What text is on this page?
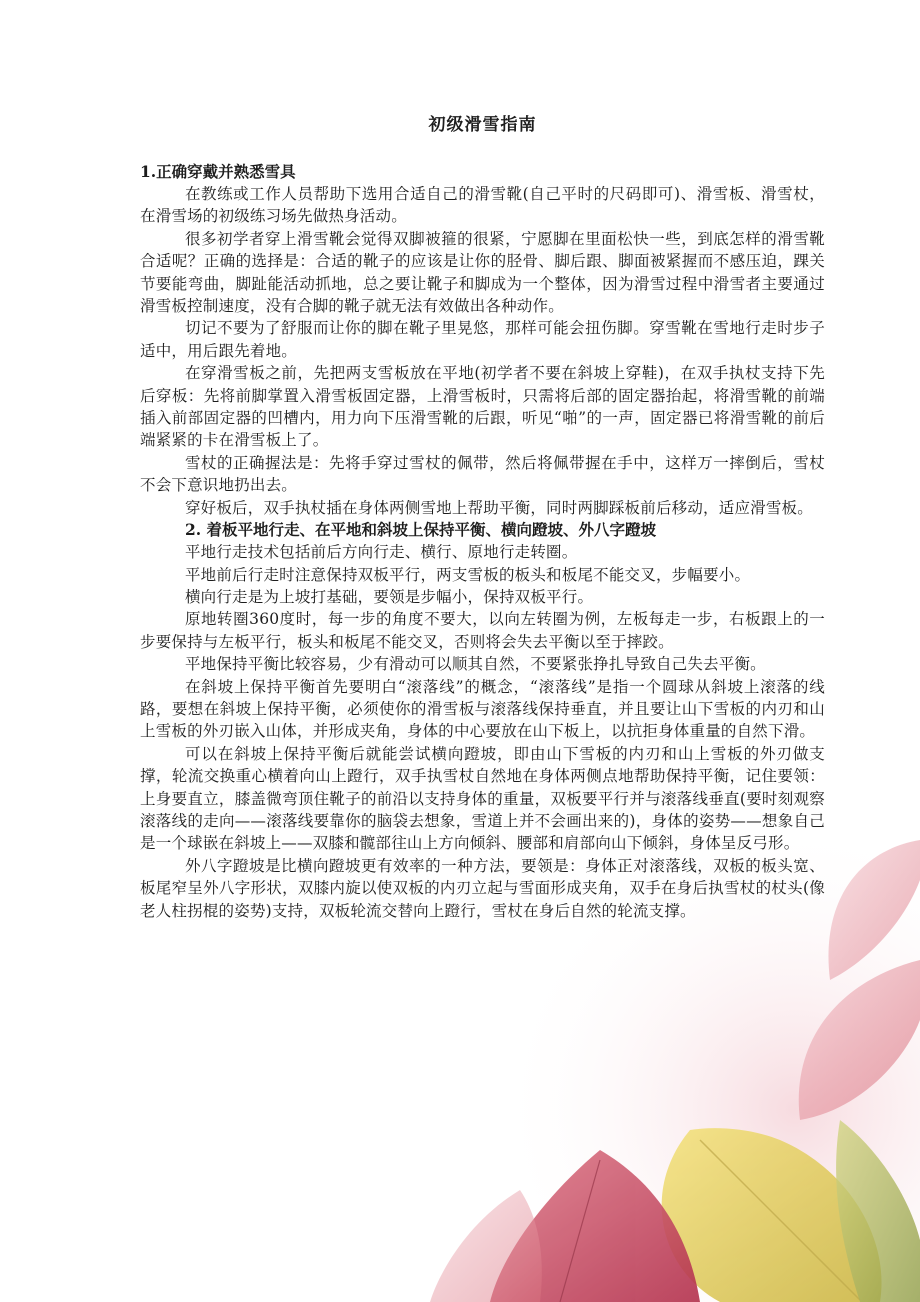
初级滑雪指南
1.正确穿戴并熟悉雪具

在教练或工作人员帮助下选用合适自己的滑雪靴(自己平时的尺码即可)、滑雪板、滑雪杖，在滑雪场的初级练习场先做热身活动。

很多初学者穿上滑雪靴会觉得双脚被箍的很紧，宁愿脚在里面松快一些，到底怎样的滑雪靴合适呢？正确的选择是：合适的靴子的应该是让你的胫骨、脚后跟、脚面被紧握而不感压迫，踝关节要能弯曲，脚趾能活动抓地，总之要让靴子和脚成为一个整体，因为滑雪过程中滑雪者主要通过滑雪板控制速度，没有合脚的靴子就无法有效做出各种动作。

切记不要为了舒服而让你的脚在靴子里晃悠，那样可能会扭伤脚。穿雪靴在雪地行走时步子适中，用后跟先着地。

在穿滑雪板之前，先把两支雪板放在平地(初学者不要在斜坡上穿鞋)，在双手执杖支持下先后穿板：先将前脚掌置入滑雪板固定器，上滑雪板时，只需将后部的固定器抬起，将滑雪靴的前端插入前部固定器的凹槽内，用力向下压滑雪靴的后跟，听见“啪”的一声，固定器已将滑雪靴的前后端紧紧的卡在滑雪板上了。

雪杖的正确握法是：先将手穿过雪杖的佩带，然后将佩带握在手中，这样万一摔倒后，雪杖不会下意识地扔出去。

穿好板后，双手执杖插在身体两侧雪地上帮助平衡，同时两脚踩板前后移动，适应滑雪板。

2. 着板平地行走、在平地和斜坡上保持平衡、横向蹬坡、外八字蹬坡

平地行走技术包括前后方向行走、横行、原地行走转圈。

平地前后行走时注意保持双板平行，两支雪板的板头和板尾不能交叉，步幅要小。

横向行走是为上坡打基础，要领是步幅小，保持双板平行。

原地转圈360度时，每一步的角度不要大，以向左转圈为例，左板每走一步，右板跟上的一步要保持与左板平行，板头和板尾不能交叉，否则将会失去平衡以至于摔跤。

平地保持平衡比较容易，少有滑动可以顺其自然，不要紧张挣扎导致自己失去平衡。

在斜坡上保持平衡首先要明白“滚落线”的概念，“滚落线”是指一个圆球从斜坡上滚落的线路，要想在斜坡上保持平衡，必须使你的滑雪板与滚落线保持垂直，并且要让山下雪板的内刃和山上雪板的外刃嵌入山体，并形成夹角，身体的中心要放在山下板上，以抗拒身体重量的自然下滑。

可以在斜坡上保持平衡后就能尝试横向蹬坡，即由山下雪板的内刃和山上雪板的外刃做支撑，轮流交换重心横着向山上蹬行，双手执雪杖自然地在身体两侧点地帮助保持平衡，记住要领：上身要直立，膝盖微弯顶住靴子的前沿以支持身体的重量，双板要平行并与滚落线垂直(要时刻观察滚落线的走向——滚落线要靠你的脑袋去想象，雪道上并不会画出来的)，身体的姿势——想象自己是一个球嵌在斜坡上——双膝和髋部往山上方向倾斜、腰部和肩部向山下倾斜，身体呈反弓形。

外八字蹬坡是比横向蹬坡更有效率的一种方法，要领是：身体正对滚落线，双板的板头宽、板尾窄呈外八字形状，双膝内旋以使双板的内刃立起与雪面形成夹角，双手在身后执雪杖的杖头(像老人柱拐棍的姿势)支持，双板轮流交替向上蹬行，雪杖在身后自然的轮流支撑。
